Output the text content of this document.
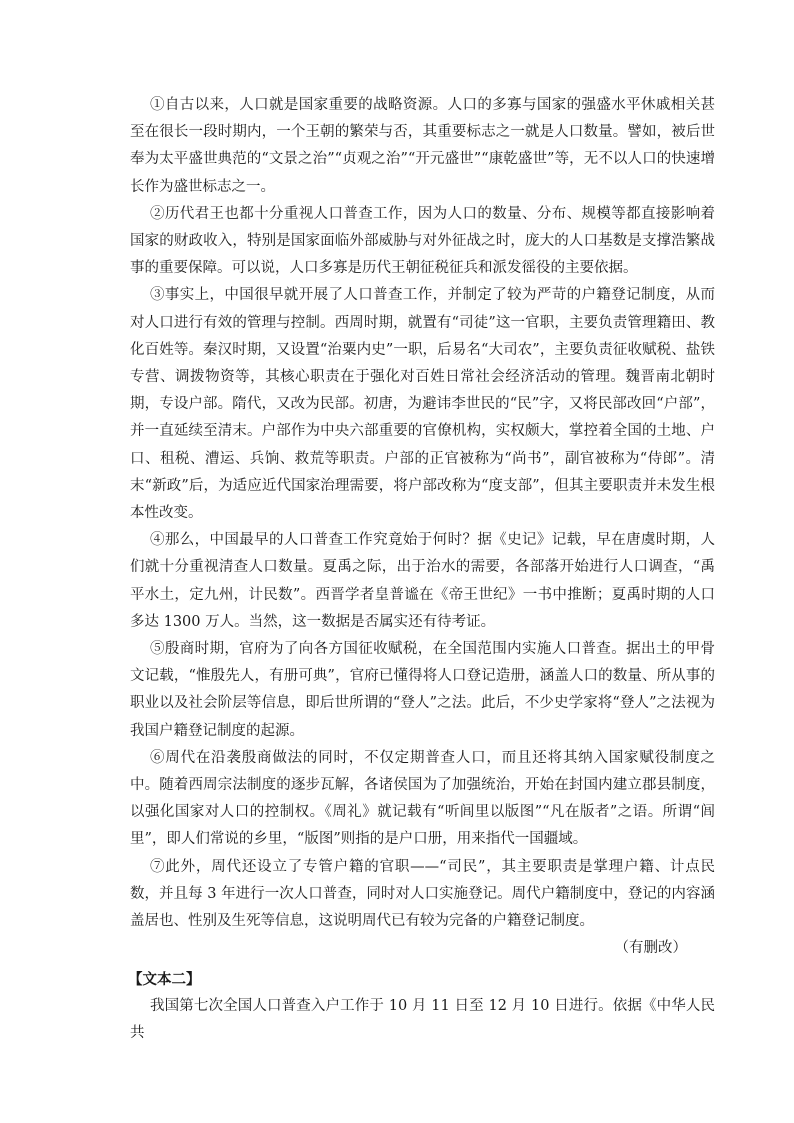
①自古以来，人口就是国家重要的战略资源。人口的多寡与国家的强盛水平休戚相关甚至在很长一段时期内，一个王朝的繁荣与否，其重要标志之一就是人口数量。譬如，被后世奉为太平盛世典范的“文景之治”“贞观之治”“开元盛世”“康乾盛世”等，无不以人口的快速增长作为盛世标志之一。

②历代君王也都十分重视人口普查工作，因为人口的数量、分布、规模等都直接影响着国家的财政收入，特别是国家面临外部威胁与对外征战之时，庞大的人口基数是支撑浩繁战事的重要保障。可以说，人口多寡是历代王朝征税征兵和派发徭役的主要依据。

③事实上，中国很早就开展了人口普查工作，并制定了较为严苛的户籍登记制度，从而对人口进行有效的管理与控制。西周时期，就置有“司徒”这一官职，主要负责管理籍田、教化百姓等。秦汉时期，又设置“治粟内史”一职，后易名“大司农”，主要负责征收赋税、盐铁专营、调拨物资等，其核心职责在于强化对百姓日常社会经济活动的管理。魏晋南北朝时期，专设户部。隋代，又改为民部。初唐，为避讳李世民的“民”字，又将民部改回“户部”，并一直延续至清末。户部作为中央六部重要的官僚机构，实权颇大，掌控着全国的土地、户口、租税、漕运、兵饷、救荒等职责。户部的正官被称为“尚书”，副官被称为“侍郎”。清末“新政”后，为适应近代国家治理需要，将户部改称为“度支部”，但其主要职责并未发生根本性改变。

④那么，中国最早的人口普查工作究竟始于何时？据《史记》记载，早在唐虞时期，人们就十分重视清查人口数量。夏禹之际，出于治水的需要，各部落开始进行人口调查，“禹平水土，定九州，计民数”。西晋学者皇普谧在《帝王世纪》一书中推断；夏禹时期的人口多达 1300 万人。当然，这一数据是否属实还有待考证。

⑤殷商时期，官府为了向各方国征收赋税，在全国范围内实施人口普查。据出土的甲骨文记载，“惟殷先人，有册可典”，官府已懂得将人口登记造册，涵盖人口的数量、所从事的职业以及社会阶层等信息，即后世所谓的“登人”之法。此后，不少史学家将“登人”之法视为我国户籍登记制度的起源。

⑥周代在沿袭殷商做法的同时，不仅定期普查人口，而且还将其纳入国家赋役制度之中。随着西周宗法制度的逐步瓦解，各诸侯国为了加强统治，开始在封国内建立郡县制度，以强化国家对人口的控制权。《周礼》就记载有“听闾里以版图”“凡在版者”之语。所谓“闾里”，即人们常说的乡里，“版图”则指的是户口册，用来指代一国疆域。

⑦此外，周代还设立了专管户籍的官职——“司民”，其主要职责是掌理户籍、计点民数，并且每 3 年进行一次人口普查，同时对人口实施登记。周代户籍制度中，登记的内容涵盖居也、性别及生死等信息，这说明周代已有较为完备的户籍登记制度。

（有删改）

【文本二】

我国第七次全国人口普查入户工作于 10 月 11 日至 12 月 10 日进行。依据《中华人民共
